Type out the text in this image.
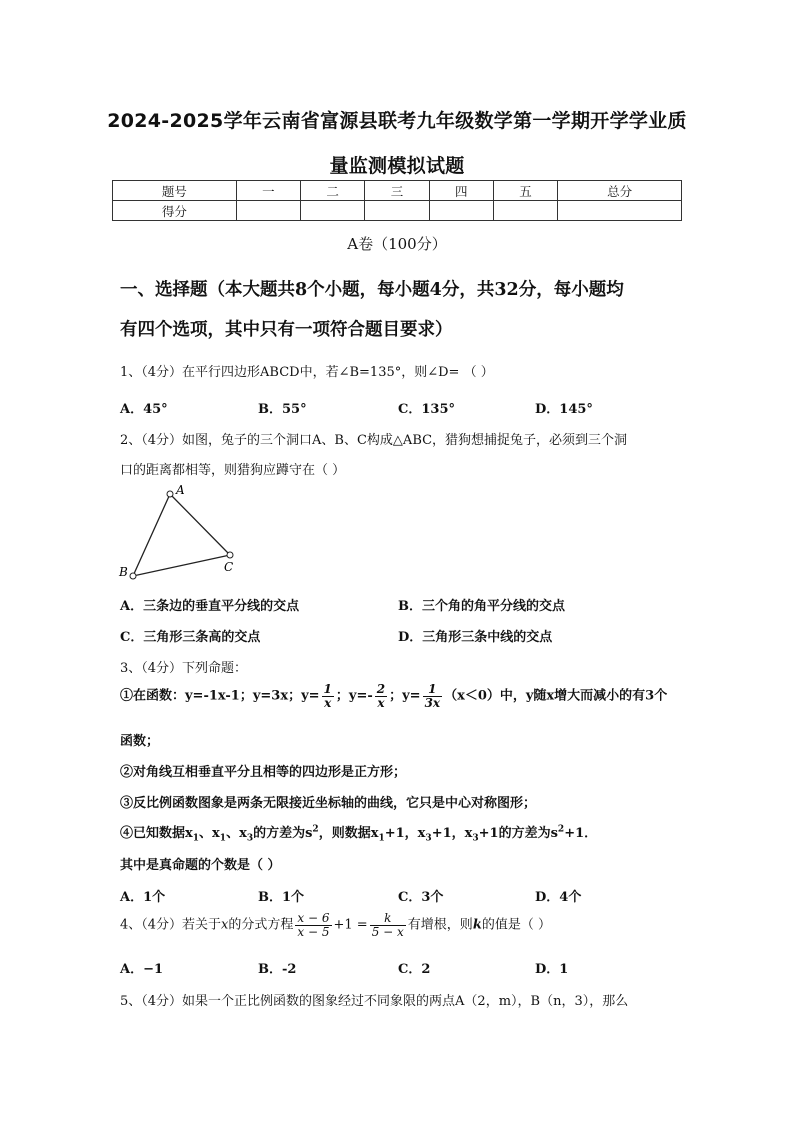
2024-2025学年云南省富源县联考九年级数学第一学期开学学业质
量监测模拟试题
题号	一	二	三	四	五	总分
得分						
A卷（100分）
一、选择题（本大题共8个小题，每小题4分，共32分，每小题均
有四个选项，其中只有一项符合题目要求）
1、（4分）在平行四边形ABCD中，若∠B=135°，则∠D= （ ）
A．45°	B．55°	C．135°	D．145°
2、（4分）如图，兔子的三个洞口A、B、C构成△ABC，猎狗想捕捉兔子，必须到三个洞
口的距离都相等，则猎狗应蹲守在（ ）
A
B	C
A．三条边的垂直平分线的交点	B．三个角的角平分线的交点
C．三角形三条高的交点	D．三角形三条中线的交点
3、（4分）下列命题：
①在函数：y=-1x-1；y=3x；$y= \frac{1}{x}$ ；$y=- \frac{2}{x}$ ；$y= \frac{1}{3x} (x<0)$中，y随x增大而减小的有3个
函数；
②对角线互相垂直平分且相等的四边形是正方形；
③反比例函数图象是两条无限接近坐标轴的曲线，它只是中心对称图形；
④已知数据$x_1$、$x_1$、$x_3$的方差为$s^2$，则数据$x_1+1$，$x_3+1$，$x_3+1$的方差为$s^2+1$．
其中是真命题的个数是（ ）
A．1个	B．1个	C．3个	D．4个
4、（4分）若关于x的分式方程 $\frac{x - 6}{x - 5} +1 = \frac{k}{5 - x}$ 有增根，则k的值是（ ）
A．−1	B．-2	C．2	D．1
5、（4分）如果一个正比例函数的图象经过不同象限的两点A（2，m），B（n，3），那么
